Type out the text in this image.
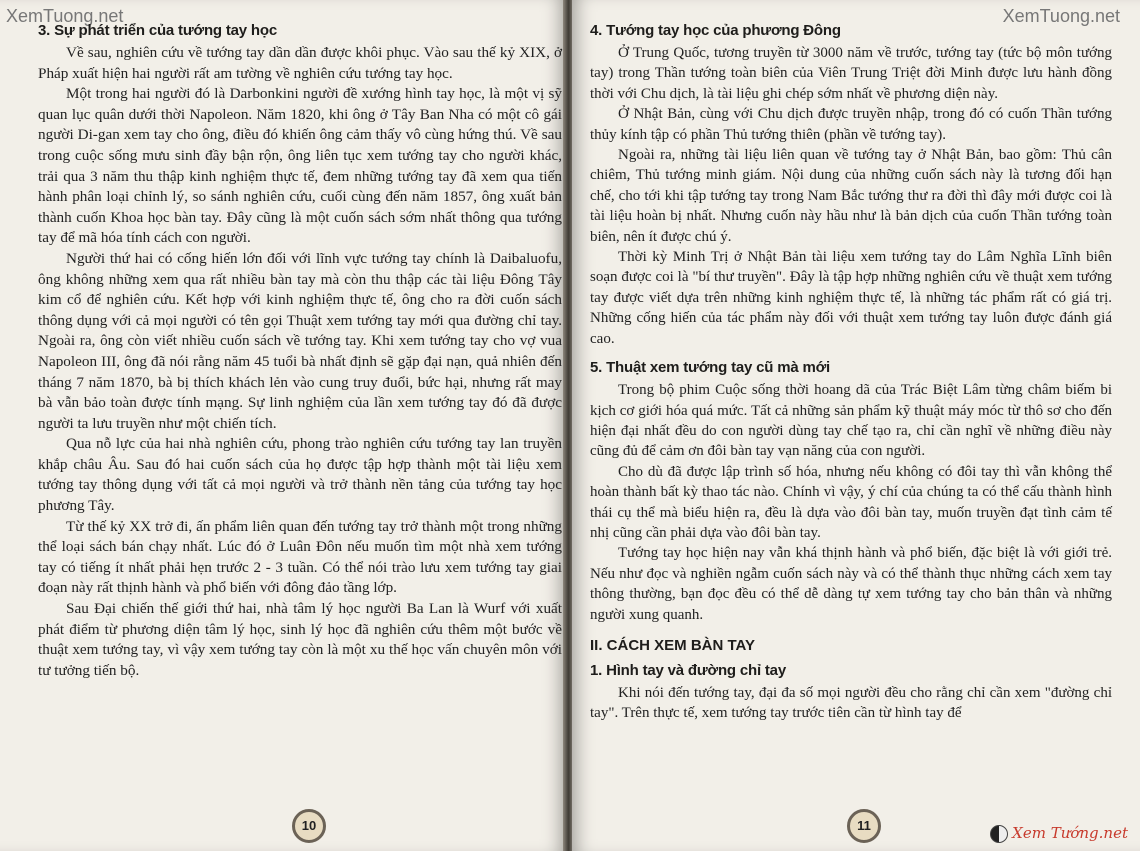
XemTuong.net
3. Sự phát triển của tướng tay học

Về sau, nghiên cứu về tướng tay dần dần được khôi phục. Vào sau thế kỷ XIX, ở Pháp xuất hiện hai người rất am tường về nghiên cứu tướng tay học.

Một trong hai người đó là Darbonkini người đề xướng hình tay học, là một vị sỹ quan lục quân dưới thời Napoleon. Năm 1820, khi ông ở Tây Ban Nha có một cô gái người Di-gan xem tay cho ông, điều đó khiến ông cảm thấy vô cùng hứng thú. Về sau trong cuộc sống mưu sinh đầy bận rộn, ông liên tục xem tướng tay cho người khác, trải qua 3 năm thu thập kinh nghiệm thực tế, đem những tướng tay đã xem qua tiến hành phân loại chỉnh lý, so sánh nghiên cứu, cuối cùng đến năm 1857, ông xuất bản thành cuốn Khoa học bàn tay. Đây cũng là một cuốn sách sớm nhất thông qua tướng tay để mã hóa tính cách con người.

Người thứ hai có cống hiến lớn đối với lĩnh vực tướng tay chính là Daibaluofu, ông không những xem qua rất nhiều bàn tay mà còn thu thập các tài liệu Đông Tây kim cổ để nghiên cứu. Kết hợp với kinh nghiệm thực tế, ông cho ra đời cuốn sách thông dụng với cả mọi người có tên gọi Thuật xem tướng tay mới qua đường chỉ tay. Ngoài ra, ông còn viết nhiều cuốn sách về tướng tay. Khi xem tướng tay cho vợ vua Napoleon III, ông đã nói rằng năm 45 tuổi bà nhất định sẽ gặp đại nạn, quả nhiên đến tháng 7 năm 1870, bà bị thích khách lẻn vào cung truy đuổi, bức hại, nhưng rất may bà vẫn bảo toàn được tính mạng. Sự linh nghiệm của lần xem tướng tay đó đã được người ta lưu truyền như một chiến tích.

Qua nỗ lực của hai nhà nghiên cứu, phong trào nghiên cứu tướng tay lan truyền khắp châu Âu. Sau đó hai cuốn sách của họ được tập hợp thành một tài liệu xem tướng tay thông dụng với tất cả mọi người và trở thành nền tảng của tướng tay học phương Tây.

Từ thế kỷ XX trở đi, ấn phẩm liên quan đến tướng tay trở thành một trong những thể loại sách bán chạy nhất. Lúc đó ở Luân Đôn nếu muốn tìm một nhà xem tướng tay có tiếng ít nhất phải hẹn trước 2 - 3 tuần. Có thể nói trào lưu xem tướng tay giai đoạn này rất thịnh hành và phổ biến với đông đảo tầng lớp.

Sau Đại chiến thế giới thứ hai, nhà tâm lý học người Ba Lan là Wurf với xuất phát điểm từ phương diện tâm lý học, sinh lý học đã nghiên cứu thêm một bước về thuật xem tướng tay, vì vậy xem tướng tay còn là một xu thế học vấn chuyên môn với tư tưởng tiến bộ.

10
XemTuong.net
4. Tướng tay học của phương Đông

Ở Trung Quốc, tương truyền từ 3000 năm về trước, tướng tay (tức bộ môn tướng tay) trong Thần tướng toàn biên của Viên Trung Triệt đời Minh được lưu hành đồng thời với Chu dịch, là tài liệu ghi chép sớm nhất về phương diện này.

Ở Nhật Bản, cùng với Chu dịch được truyền nhập, trong đó có cuốn Thần tướng thủy kính tập có phần Thủ tướng thiên (phần về tướng tay).

Ngoài ra, những tài liệu liên quan về tướng tay ở Nhật Bản, bao gồm: Thủ cân chiêm, Thủ tướng minh giám. Nội dung của những cuốn sách này là tương đối hạn chế, cho tới khi tập tướng tay trong Nam Bắc tướng thư ra đời thì đây mới được coi là tài liệu hoàn bị nhất. Nhưng cuốn này hầu như là bản dịch của cuốn Thần tướng toàn biên, nên ít được chú ý.

Thời kỳ Minh Trị ở Nhật Bản tài liệu xem tướng tay do Lâm Nghĩa Lĩnh biên soạn được coi là "bí thư truyền". Đây là tập hợp những nghiên cứu về thuật xem tướng tay được viết dựa trên những kinh nghiệm thực tế, là những tác phẩm rất có giá trị. Những cống hiến của tác phẩm này đối với thuật xem tướng tay luôn được đánh giá cao.

5. Thuật xem tướng tay cũ mà mới

Trong bộ phim Cuộc sống thời hoang dã của Trác Biệt Lâm từng châm biếm bi kịch cơ giới hóa quá mức. Tất cả những sản phẩm kỹ thuật máy móc từ thô sơ cho đến hiện đại nhất đều do con người dùng tay chế tạo ra, chỉ cần nghĩ về những điều này cũng đủ để cảm ơn đôi bàn tay vạn năng của con người.

Cho dù đã được lập trình số hóa, nhưng nếu không có đôi tay thì vẫn không thể hoàn thành bất kỳ thao tác nào. Chính vì vậy, ý chí của chúng ta có thể cấu thành hình thái cụ thể mà biểu hiện ra, đều là dựa vào đôi bàn tay, muốn truyền đạt tình cảm tế nhị cũng cần phải dựa vào đôi bàn tay.

Tướng tay học hiện nay vẫn khá thịnh hành và phổ biến, đặc biệt là với giới trẻ. Nếu như đọc và nghiền ngẫm cuốn sách này và có thể thành thục những cách xem tay thông thường, bạn đọc đều có thể dễ dàng tự xem tướng tay cho bản thân và những người xung quanh.

II. CÁCH XEM BÀN TAY
1. Hình tay và đường chỉ tay

Khi nói đến tướng tay, đại đa số mọi người đều cho rằng chỉ cần xem "đường chỉ tay". Trên thực tế, xem tướng tay trước tiên cần từ hình tay để

11	Xem Tướng.net
